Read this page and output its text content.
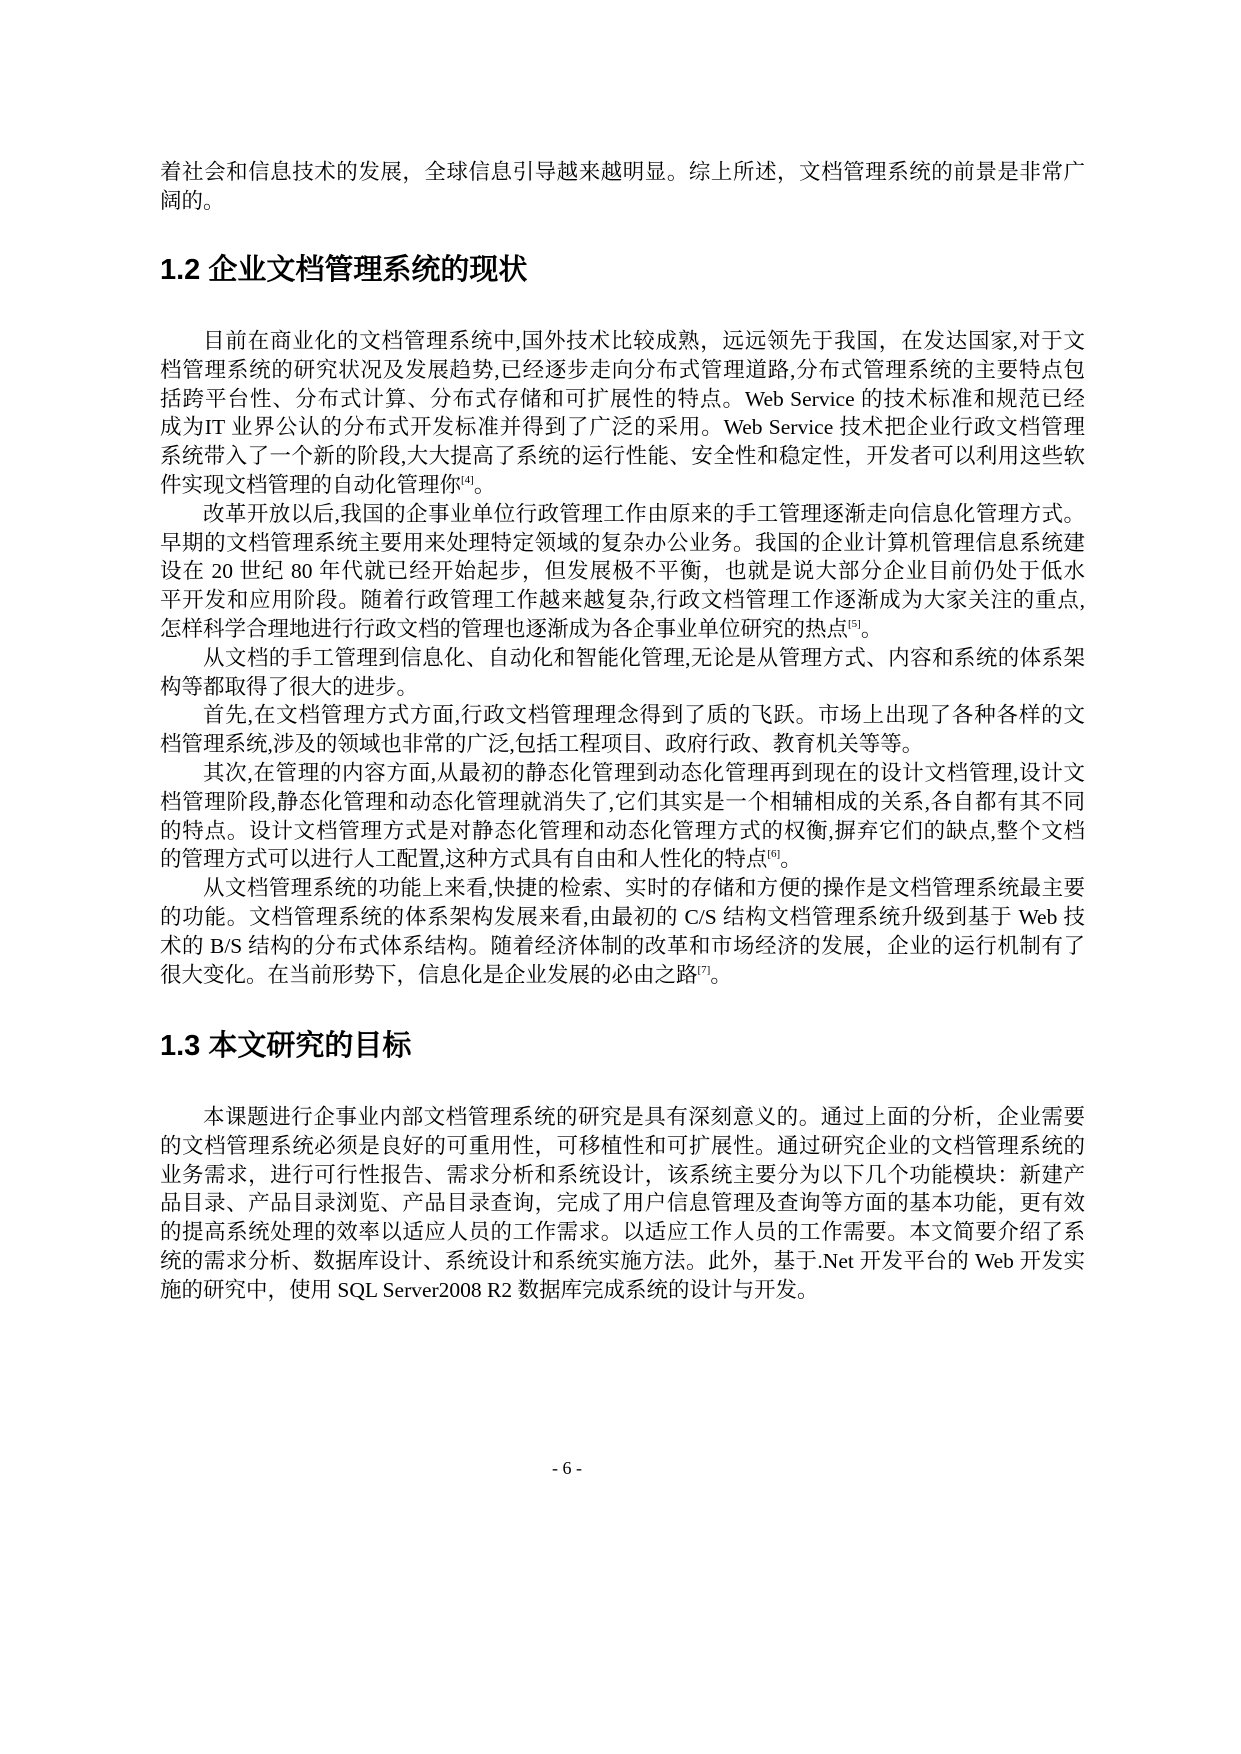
着社会和信息技术的发展，全球信息引导越来越明显。综上所述，文档管理系统的前景是非常广
阔的。
1.2 企业文档管理系统的现状
目前在商业化的文档管理系统中,国外技术比较成熟，远远领先于我国，在发达国家,对于文
档管理系统的研究状况及发展趋势,已经逐步走向分布式管理道路,分布式管理系统的主要特点包
括跨平台性、分布式计算、分布式存储和可扩展性的特点。Web Service 的技术标准和规范已经
成为IT 业界公认的分布式开发标准并得到了广泛的采用。Web Service 技术把企业行政文档管理
系统带入了一个新的阶段,大大提高了系统的运行性能、安全性和稳定性，开发者可以利用这些软
件实现文档管理的自动化管理你[4]。
改革开放以后,我国的企事业单位行政管理工作由原来的手工管理逐渐走向信息化管理方式。
早期的文档管理系统主要用来处理特定领域的复杂办公业务。我国的企业计算机管理信息系统建
设在 20 世纪 80 年代就已经开始起步，但发展极不平衡，也就是说大部分企业目前仍处于低水
平开发和应用阶段。随着行政管理工作越来越复杂,行政文档管理工作逐渐成为大家关注的重点,
怎样科学合理地进行行政文档的管理也逐渐成为各企事业单位研究的热点[5]。
从文档的手工管理到信息化、自动化和智能化管理,无论是从管理方式、内容和系统的体系架
构等都取得了很大的进步。
首先,在文档管理方式方面,行政文档管理理念得到了质的飞跃。市场上出现了各种各样的文
档管理系统,涉及的领域也非常的广泛,包括工程项目、政府行政、教育机关等等。
其次,在管理的内容方面,从最初的静态化管理到动态化管理再到现在的设计文档管理,设计文
档管理阶段,静态化管理和动态化管理就消失了,它们其实是一个相辅相成的关系,各自都有其不同
的特点。设计文档管理方式是对静态化管理和动态化管理方式的权衡,摒弃它们的缺点,整个文档
的管理方式可以进行人工配置,这种方式具有自由和人性化的特点[6]。
从文档管理系统的功能上来看,快捷的检索、实时的存储和方便的操作是文档管理系统最主要
的功能。文档管理系统的体系架构发展来看,由最初的 C/S 结构文档管理系统升级到基于 Web 技
术的 B/S 结构的分布式体系结构。随着经济体制的改革和市场经济的发展，企业的运行机制有了
很大变化。在当前形势下，信息化是企业发展的必由之路[7]。
1.3 本文研究的目标
本课题进行企事业内部文档管理系统的研究是具有深刻意义的。通过上面的分析，企业需要
的文档管理系统必须是良好的可重用性，可移植性和可扩展性。通过研究企业的文档管理系统的
业务需求，进行可行性报告、需求分析和系统设计，该系统主要分为以下几个功能模块：新建产
品目录、产品目录浏览、产品目录查询，完成了用户信息管理及查询等方面的基本功能，更有效
的提高系统处理的效率以适应人员的工作需求。以适应工作人员的工作需要。本文简要介绍了系
统的需求分析、数据库设计、系统设计和系统实施方法。此外，基于.Net 开发平台的 Web 开发实
施的研究中，使用 SQL Server2008 R2 数据库完成系统的设计与开发。
- 6 -
